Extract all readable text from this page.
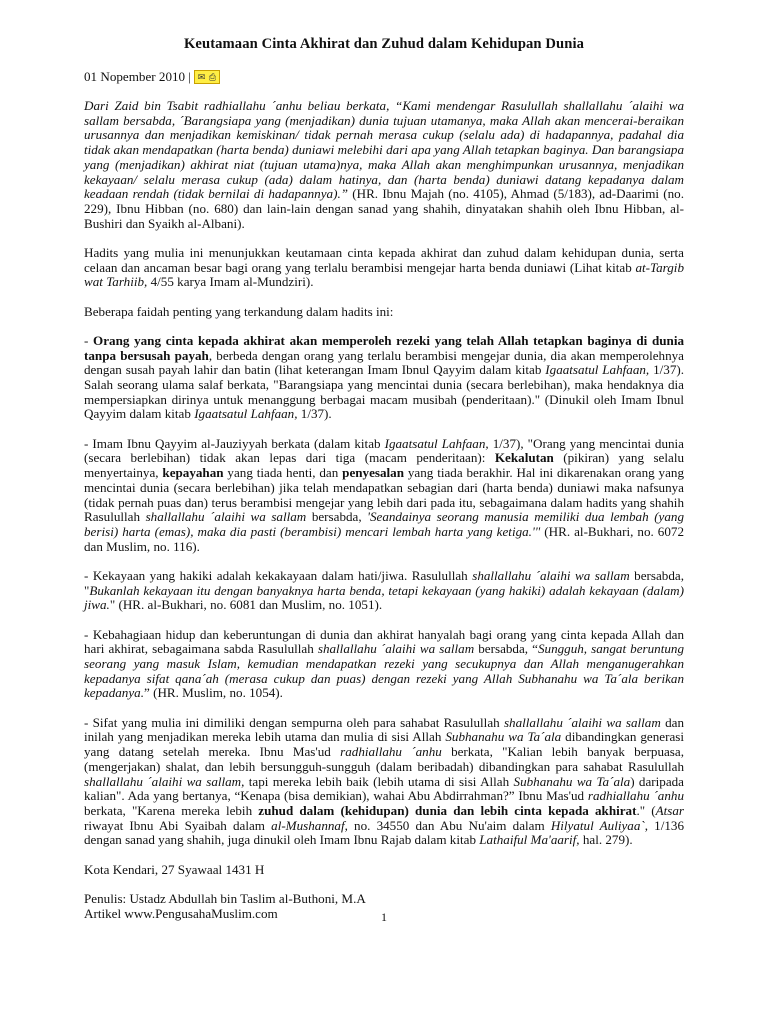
Keutamaan Cinta Akhirat dan Zuhud dalam Kehidupan Dunia
01 Nopember 2010 | ✉ ⎙

Dari Zaid bin Tsabit radhiallahu ´anhu beliau berkata, “Kami mendengar Rasulullah shallallahu ´alaihi wa sallam bersabda, ´Barangsiapa yang (menjadikan) dunia tujuan utamanya, maka Allah akan mencerai-beraikan urusannya dan menjadikan kemiskinan/ tidak pernah merasa cukup (selalu ada) di hadapannya, padahal dia tidak akan mendapatkan (harta benda) duniawi melebihi dari apa yang Allah tetapkan baginya. Dan barangsiapa yang (menjadikan) akhirat niat (tujuan utama)nya, maka Allah akan menghimpunkan urusannya, menjadikan kekayaan/ selalu merasa cukup (ada) dalam hatinya, dan (harta benda) duniawi datang kepadanya dalam keadaan rendah (tidak bernilai di hadapannya).” (HR. Ibnu Majah (no. 4105), Ahmad (5/183), ad-Daarimi (no. 229), Ibnu Hibban (no. 680) dan lain-lain dengan sanad yang shahih, dinyatakan shahih oleh Ibnu Hibban, al-Bushiri dan Syaikh al-Albani).

Hadits yang mulia ini menunjukkan keutamaan cinta kepada akhirat dan zuhud dalam kehidupan dunia, serta celaan dan ancaman besar bagi orang yang terlalu berambisi mengejar harta benda duniawi (Lihat kitab at-Targib wat Tarhiib, 4/55 karya Imam al-Mundziri).

Beberapa faidah penting yang terkandung dalam hadits ini:

- Orang yang cinta kepada akhirat akan memperoleh rezeki yang telah Allah tetapkan baginya di dunia tanpa bersusah payah, berbeda dengan orang yang terlalu berambisi mengejar dunia, dia akan memperolehnya dengan susah payah lahir dan batin (lihat keterangan Imam Ibnul Qayyim dalam kitab Igaatsatul Lahfaan, 1/37). Salah seorang ulama salaf berkata, "Barangsiapa yang mencintai dunia (secara berlebihan), maka hendaknya dia mempersiapkan dirinya untuk menanggung berbagai macam musibah (penderitaan)." (Dinukil oleh Imam Ibnul Qayyim dalam kitab Igaatsatul Lahfaan, 1/37).

- Imam Ibnu Qayyim al-Jauziyyah berkata (dalam kitab Igaatsatul Lahfaan, 1/37), "Orang yang mencintai dunia (secara berlebihan) tidak akan lepas dari tiga (macam penderitaan): Kekalutan (pikiran) yang selalu menyertainya, kepayahan yang tiada henti, dan penyesalan yang tiada berakhir. Hal ini dikarenakan orang yang mencintai dunia (secara berlebihan) jika telah mendapatkan sebagian dari (harta benda) duniawi maka nafsunya (tidak pernah puas dan) terus berambisi mengejar yang lebih dari pada itu, sebagaimana dalam hadits yang shahih Rasulullah shallallahu ´alaihi wa sallam bersabda, 'Seandainya seorang manusia memiliki dua lembah (yang berisi) harta (emas), maka dia pasti (berambisi) mencari lembah harta yang ketiga.'" (HR. al-Bukhari, no. 6072 dan Muslim, no. 116).

- Kekayaan yang hakiki adalah kekakayaan dalam hati/jiwa. Rasulullah shallallahu ´alaihi wa sallam bersabda, "Bukanlah kekayaan itu dengan banyaknya harta benda, tetapi kekayaan (yang hakiki) adalah kekayaan (dalam) jiwa." (HR. al-Bukhari, no. 6081 dan Muslim, no. 1051).

- Kebahagiaan hidup dan keberuntungan di dunia dan akhirat hanyalah bagi orang yang cinta kepada Allah dan hari akhirat, sebagaimana sabda Rasulullah shallallahu ´alaihi wa sallam bersabda, “Sungguh, sangat beruntung seorang yang masuk Islam, kemudian mendapatkan rezeki yang secukupnya dan Allah menganugerahkan kepadanya sifat qana´ah (merasa cukup dan puas) dengan rezeki yang Allah Subhanahu wa Ta´ala berikan kepadanya.” (HR. Muslim, no. 1054).

- Sifat yang mulia ini dimiliki dengan sempurna oleh para sahabat Rasulullah shallallahu ´alaihi wa sallam dan inilah yang menjadikan mereka lebih utama dan mulia di sisi Allah Subhanahu wa Ta´ala dibandingkan generasi yang datang setelah mereka. Ibnu Mas'ud radhiallahu ´anhu berkata, "Kalian lebih banyak berpuasa, (mengerjakan) shalat, dan lebih bersungguh-sungguh (dalam beribadah) dibandingkan para sahabat Rasulullah shallallahu ´alaihi wa sallam, tapi mereka lebih baik (lebih utama di sisi Allah Subhanahu wa Ta´ala) daripada kalian". Ada yang bertanya, “Kenapa (bisa demikian), wahai Abu Abdirrahman?” Ibnu Mas'ud radhiallahu ´anhu berkata, "Karena mereka lebih zuhud dalam (kehidupan) dunia dan lebih cinta kepada akhirat." (Atsar riwayat Ibnu Abi Syaibah dalam al-Mushannaf, no. 34550 dan Abu Nu'aim dalam Hilyatul Auliyaa`, 1/136 dengan sanad yang shahih, juga dinukil oleh Imam Ibnu Rajab dalam kitab Lathaiful Ma'aarif, hal. 279).

Kota Kendari, 27 Syawaal 1431 H

Penulis: Ustadz Abdullah bin Taslim al-Buthoni, M.A

Artikel www.PengusahaMuslim.com	1
